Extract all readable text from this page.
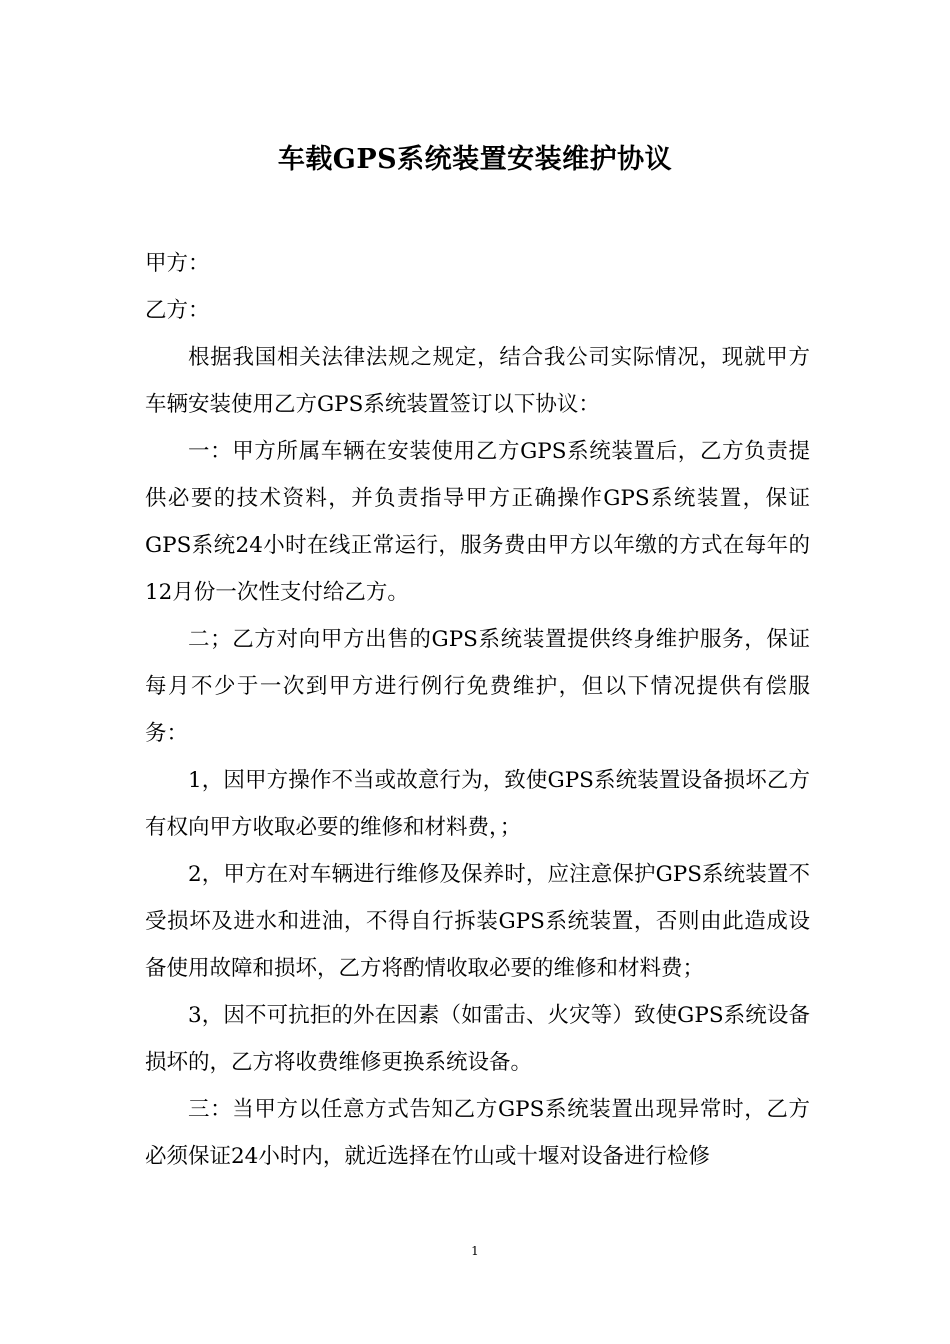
车载GPS系统装置安装维护协议

甲方：

乙方：

根据我国相关法律法规之规定，结合我公司实际情况，现就甲方车辆安装使用乙方GPS系统装置签订以下协议：

一：甲方所属车辆在安装使用乙方GPS系统装置后，乙方负责提供必要的技术资料，并负责指导甲方正确操作GPS系统装置，保证GPS系统24小时在线正常运行，服务费由甲方以年缴的方式在每年的12月份一次性支付给乙方。

二；乙方对向甲方出售的GPS系统装置提供终身维护服务，保证每月不少于一次到甲方进行例行免费维护，但以下情况提供有偿服务：

1，因甲方操作不当或故意行为，致使GPS系统装置设备损坏乙方有权向甲方收取必要的维修和材料费，；

2，甲方在对车辆进行维修及保养时，应注意保护GPS系统装置不受损坏及进水和进油，不得自行拆装GPS系统装置，否则由此造成设备使用故障和损坏，乙方将酌情收取必要的维修和材料费；

3，因不可抗拒的外在因素（如雷击、火灾等）致使GPS系统设备损坏的，乙方将收费维修更换系统设备。

三：当甲方以任意方式告知乙方GPS系统装置出现异常时，乙方必须保证24小时内，就近选择在竹山或十堰对设备进行检修

1
